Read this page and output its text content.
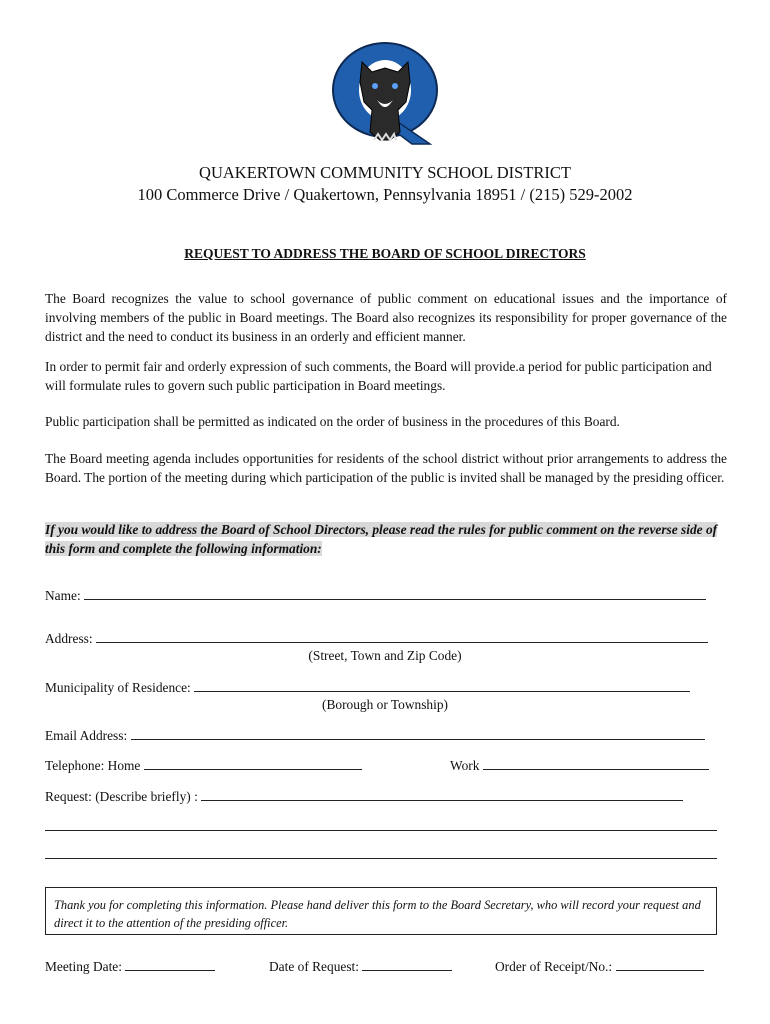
QUAKERTOWN COMMUNITY SCHOOL DISTRICT
100 Commerce Drive / Quakertown, Pennsylvania 18951 / (215) 529-2002
REQUEST TO ADDRESS THE BOARD OF SCHOOL DIRECTORS

The Board recognizes the value to school governance of public comment on educational issues and the importance of involving members of the public in Board meetings. The Board also recognizes its responsibility for proper governance of the district and the need to conduct its business in an orderly and efficient manner.

In order to permit fair and orderly expression of such comments, the Board will provide.a period for public participation and will formulate rules to govern such public participation in Board meetings.

Public participation shall be permitted as indicated on the order of business in the procedures of this Board.

The Board meeting agenda includes opportunities for residents of the school district without prior arrangements to address the Board. The portion of the meeting during which participation of the public is invited shall be managed by the presiding officer.

If you would like to address the Board of School Directors, please read the rules for public comment on the reverse side of this form and complete the following information:

Name:
Address:
(Street, Town and Zip Code)
Municipality of Residence:
(Borough or Township)
Email Address:
Telephone: Home	Work
Request: (Describe briefly) :
Thank you for completing this information. Please hand deliver this form to the Board Secretary, who will record your request and direct it to the attention of the presiding officer.
Meeting Date:	Date of Request:	Order of Receipt/No.:
